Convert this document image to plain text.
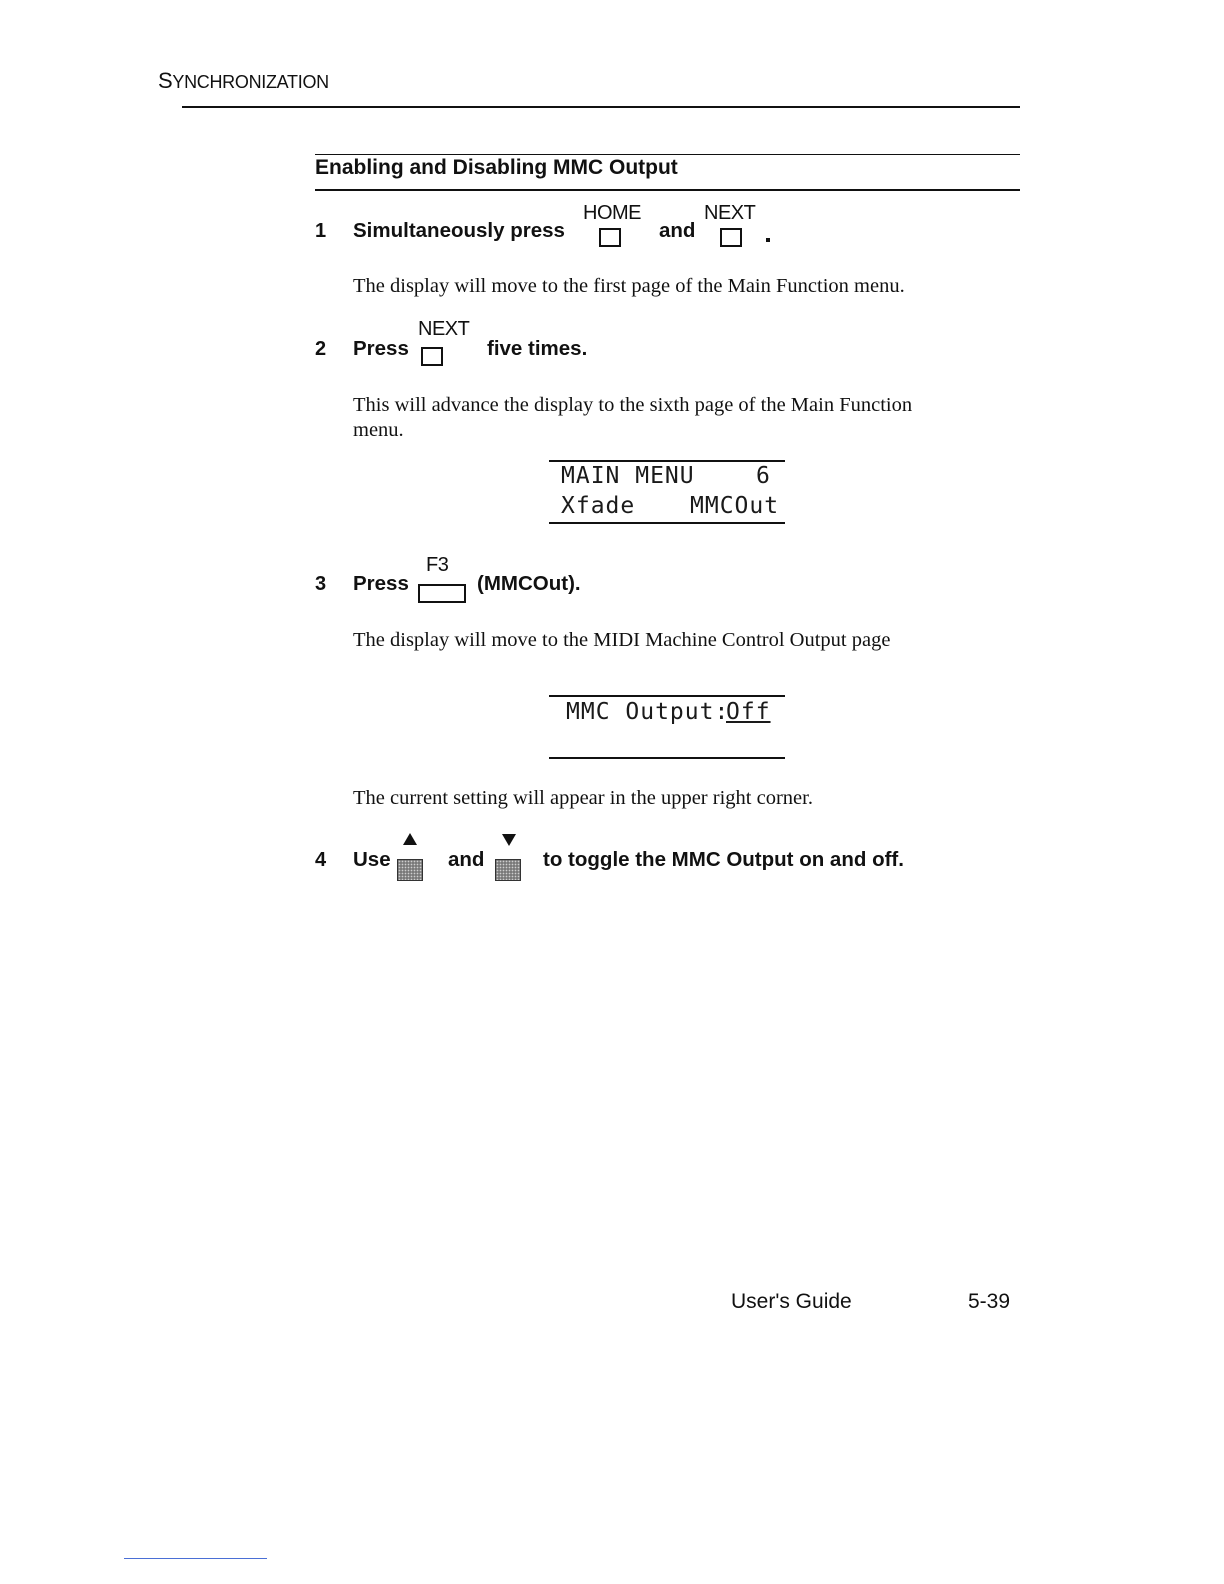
SYNCHRONIZATION
Enabling and Disabling MMC Output
1 Simultaneously press
HOME
and
NEXT
The display will move to the first page of the Main Function menu.
2 Press
NEXT
five times.
This will advance the display to the sixth page of the Main Function
menu.
MAIN MENU	6
Xfade MMCOut
3 Press
F3
(MMCOut).
The display will move to the MIDI Machine Control Output page
MMC Output:
Off
The current setting will appear in the upper right corner.
4 Use	and	to toggle the MMC Output on and off.
User's Guide	5-39
